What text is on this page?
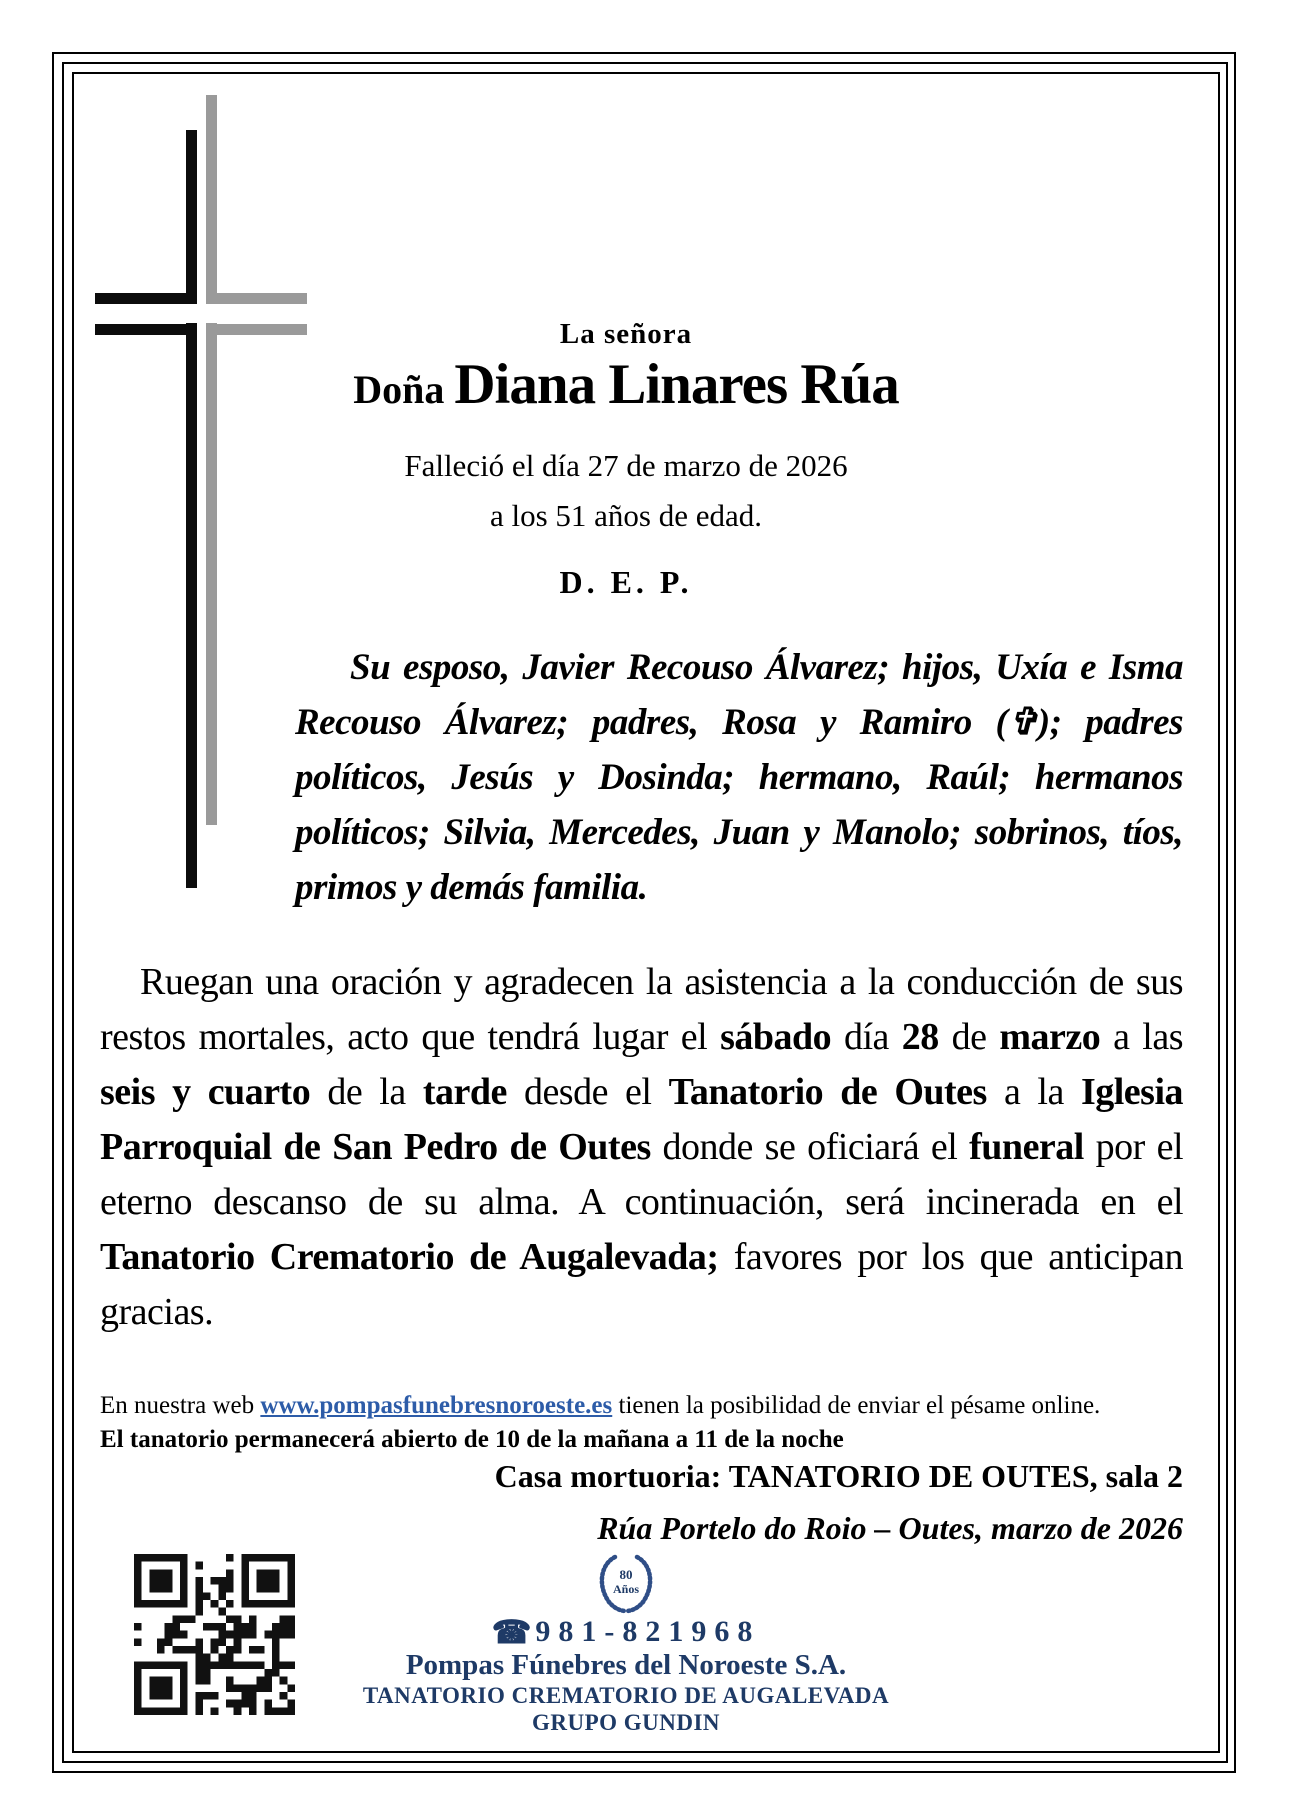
La señora
Doña Diana Linares Rúa
Falleció el día 27 de marzo de 2026
a los 51 años de edad.
D. E. P.
Su esposo, Javier Recouso Álvarez; hijos, Uxía e Isma Recouso Álvarez; padres, Rosa y Ramiro (✞); padres políticos, Jesús y Dosinda; hermano, Raúl; hermanos políticos; Silvia, Mercedes, Juan y Manolo; sobrinos, tíos, primos y demás familia.
Ruegan una oración y agradecen la asistencia a la conducción de sus restos mortales, acto que tendrá lugar el sábado día 28 de marzo a las seis y cuarto de la tarde desde el Tanatorio de Outes a la Iglesia Parroquial de San Pedro de Outes donde se oficiará el funeral por el eterno descanso de su alma. A continuación, será incinerada en el Tanatorio Crematorio de Augalevada; favores por los que anticipan gracias.
En nuestra web www.pompasfunebresnoroeste.es tienen la posibilidad de enviar el pésame online.
El tanatorio permanecerá abierto de 10 de la mañana a 11 de la noche
Casa mortuoria: TANATORIO DE OUTES, sala 2
Rúa Portelo do Roio – Outes, marzo de 2026
80
Años
☎ 981-821968
Pompas Fúnebres del Noroeste S.A.
TANATORIO CREMATORIO DE AUGALEVADA
GRUPO GUNDIN
